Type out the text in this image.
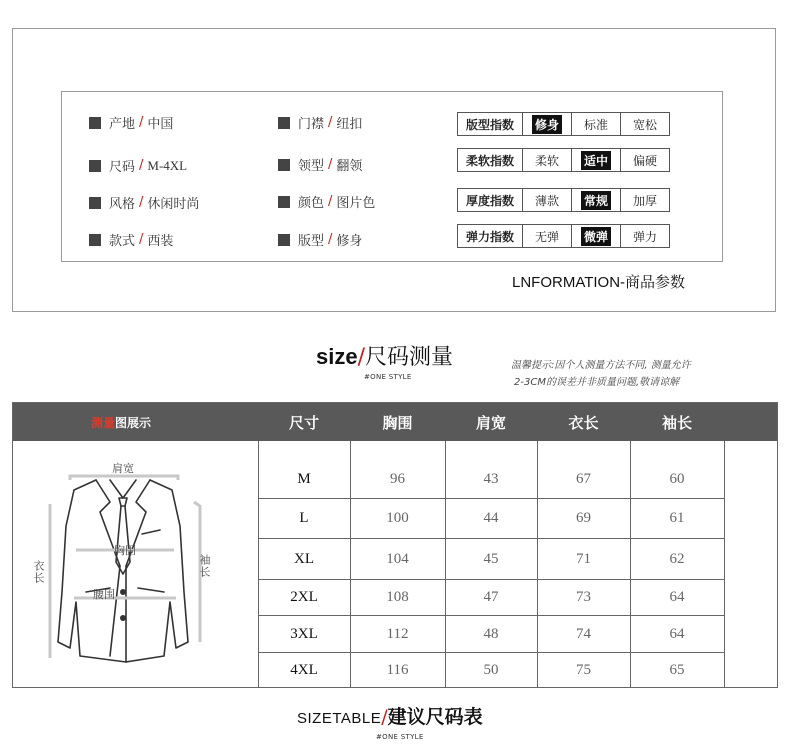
产地 / 中国
尺码 / M-4XL
风格 / 休闲时尚
款式 / 西装
门襟 / 纽扣
领型 / 翻领
颜色 / 图片色
版型 / 修身
版型指数	修身 标准 宽松
柔软指数	柔软 适中 偏硬
厚度指数	薄款 常规 加厚
弹力指数	无弹 微弹 弹力
LNFORMATION-商品参数
size/尺码测量
#ONE STYLE
温馨提示:因个人测量方法不同, 测量允许
2-3CM的误差并非质量问题,敬请谅解
测量图展示	尺寸	胸围	肩宽	衣长	袖长
肩宽
胸围
腰围
衣长	袖长
M	96	43	67	60
L	100	44	69	61
XL	104	45	71	62
2XL	108	47	73	64
3XL	112	48	74	64
4XL	116	50	75	65
SIZETABLE/建议尺码表
#ONE STYLE
